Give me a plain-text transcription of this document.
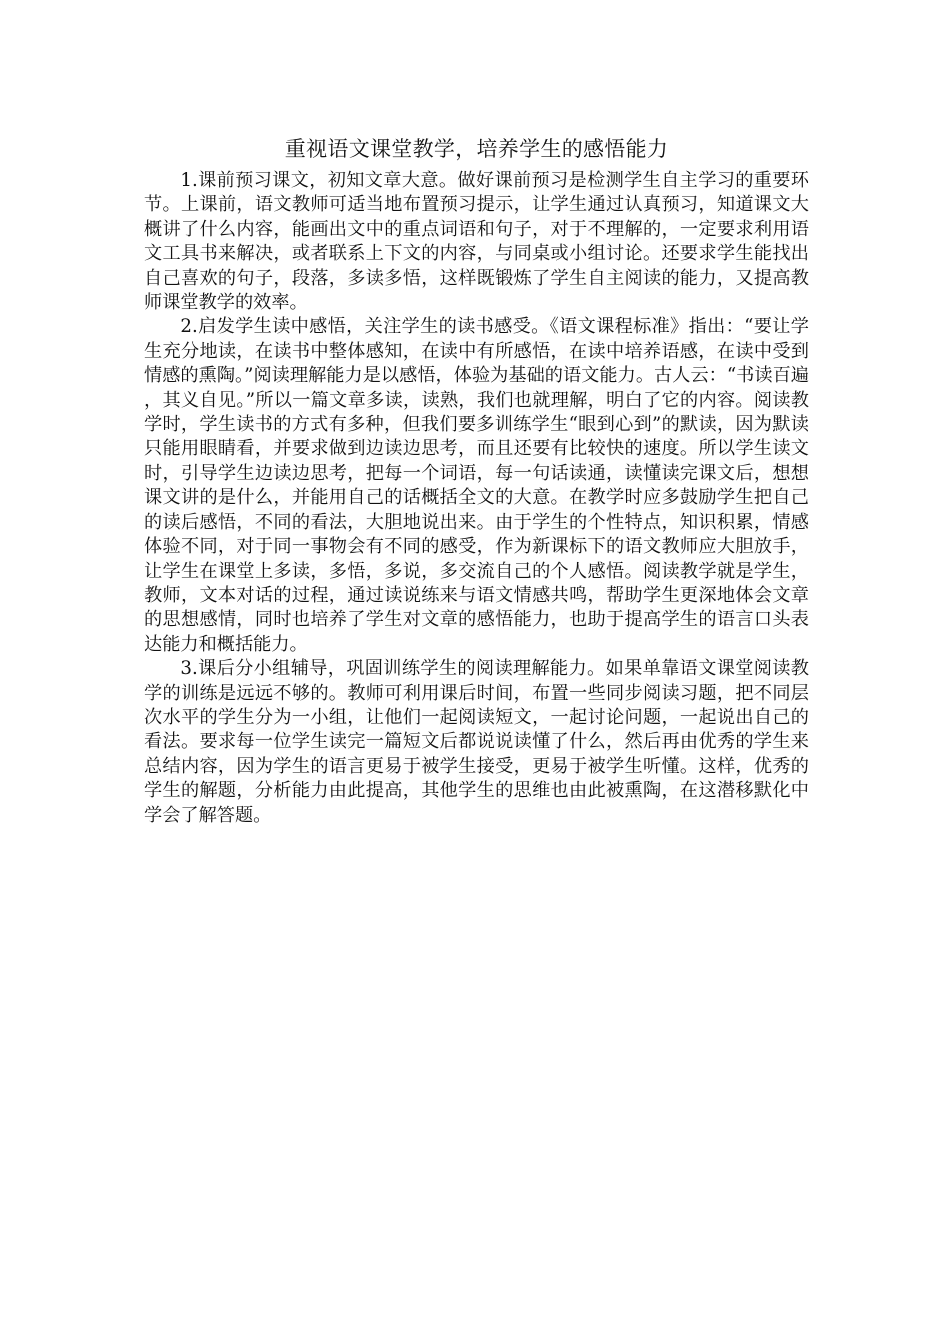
重视语文课堂教学，培养学生的感悟能力

1.课前预习课文，初知文章大意。做好课前预习是检测学生自主学习的重要环节。上课前，语文教师可适当地布置预习提示，让学生通过认真预习，知道课文大概讲了什么内容，能画出文中的重点词语和句子，对于不理解的，一定要求利用语文工具书来解决，或者联系上下文的内容，与同桌或小组讨论。还要求学生能找出自己喜欢的句子，段落，多读多悟，这样既锻炼了学生自主阅读的能力，又提高教师课堂教学的效率。

2.启发学生读中感悟，关注学生的读书感受。《语文课程标准》指出：“要让学生充分地读，在读书中整体感知，在读中有所感悟，在读中培养语感，在读中受到情感的熏陶。”阅读理解能力是以感悟，体验为基础的语文能力。古人云：“书读百遍，其义自见。”所以一篇文章多读，读熟，我们也就理解，明白了它的内容。阅读教学时，学生读书的方式有多种，但我们要多训练学生“眼到心到”的默读，因为默读只能用眼睛看，并要求做到边读边思考，而且还要有比较快的速度。所以学生读文时，引导学生边读边思考，把每一个词语，每一句话读通，读懂读完课文后，想想课文讲的是什么，并能用自己的话概括全文的大意。在教学时应多鼓励学生把自己的读后感悟，不同的看法，大胆地说出来。由于学生的个性特点，知识积累，情感体验不同，对于同一事物会有不同的感受，作为新课标下的语文教师应大胆放手，让学生在课堂上多读，多悟，多说，多交流自己的个人感悟。阅读教学就是学生，教师，文本对话的过程，通过读说练来与语文情感共鸣，帮助学生更深地体会文章的思想感情，同时也培养了学生对文章的感悟能力，也助于提高学生的语言口头表达能力和概括能力。

3.课后分小组辅导，巩固训练学生的阅读理解能力。如果单靠语文课堂阅读教学的训练是远远不够的。教师可利用课后时间，布置一些同步阅读习题，把不同层次水平的学生分为一小组，让他们一起阅读短文，一起讨论问题，一起说出自己的看法。要求每一位学生读完一篇短文后都说说读懂了什么，然后再由优秀的学生来总结内容，因为学生的语言更易于被学生接受，更易于被学生听懂。这样，优秀的学生的解题，分析能力由此提高，其他学生的思维也由此被熏陶，在这潜移默化中学会了解答题。
